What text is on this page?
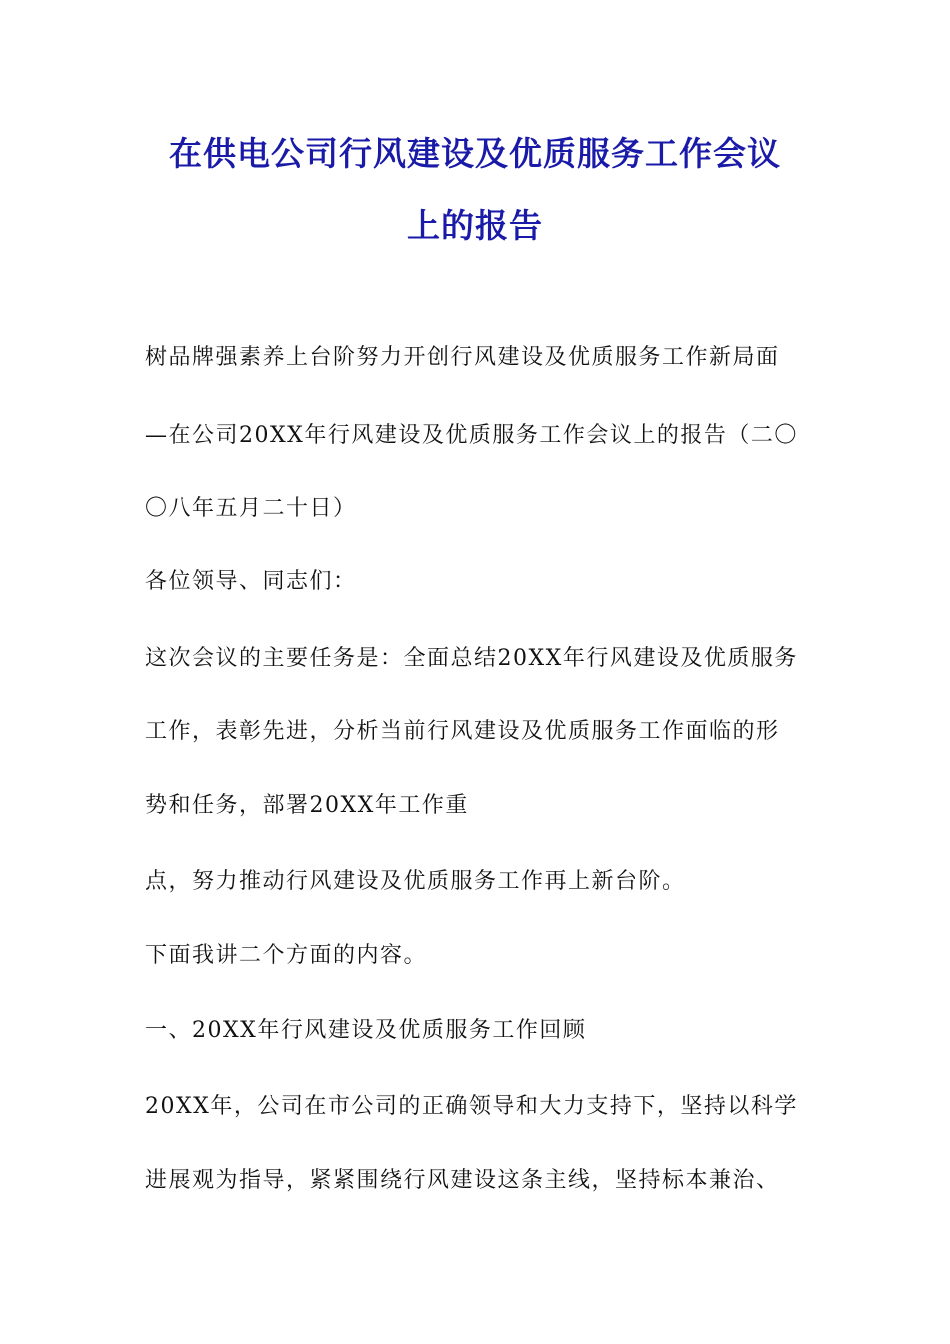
在供电公司行风建设及优质服务工作会议
上的报告
树品牌强素养上台阶努力开创行风建设及优质服务工作新局面
—在公司20XX年行风建设及优质服务工作会议上的报告（二〇
〇八年五月二十日）
各位领导、同志们：
这次会议的主要任务是：全面总结20XX年行风建设及优质服务
工作，表彰先进，分析当前行风建设及优质服务工作面临的形
势和任务，部署20XX年工作重
点，努力推动行风建设及优质服务工作再上新台阶。
下面我讲二个方面的内容。
一、20XX年行风建设及优质服务工作回顾
20XX年，公司在市公司的正确领导和大力支持下，坚持以科学
进展观为指导，紧紧围绕行风建设这条主线，坚持标本兼治、
